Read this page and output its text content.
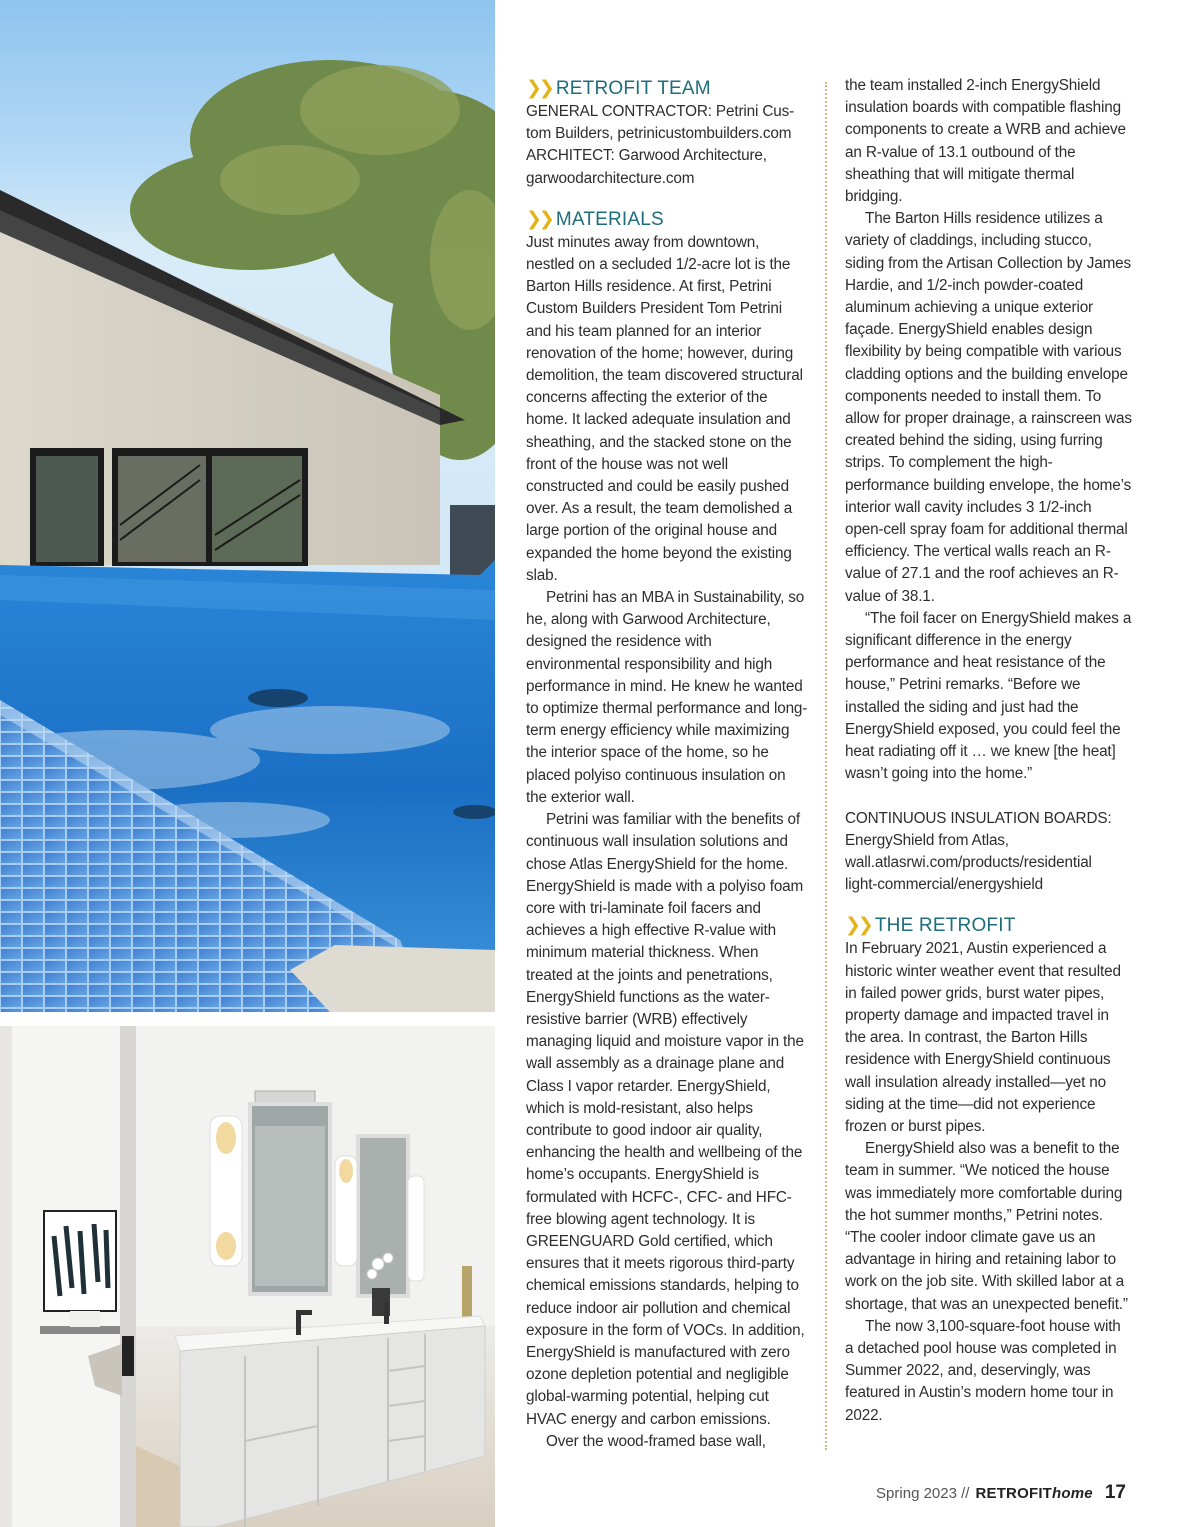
❯❯ RETROFIT TEAM

GENERAL CONTRACTOR: Petrini Cus-

tom Builders, petrinicustombuilders.com

ARCHITECT: Garwood Architecture,

garwoodarchitecture.com

❯❯ MATERIALS

Just minutes away from downtown, nestled on a secluded 1/2-acre lot is the Barton Hills residence. At first, Petrini Custom Builders President Tom Petrini and his team planned for an interior renovation of the home; however, during demolition, the team discovered structural concerns affecting the exterior of the home. It lacked adequate insulation and sheathing, and the stacked stone on the front of the house was not well constructed and could be easily pushed over. As a result, the team demolished a large portion of the original house and expanded the home beyond the existing slab.

Petrini has an MBA in Sustainability, so he, along with Garwood Architecture, designed the residence with environmental responsibility and high performance in mind. He knew he wanted to optimize thermal performance and long-term energy efficiency while maximizing the interior space of the home, so he placed polyiso continuous insulation on the exterior wall.

Petrini was familiar with the benefits of continuous wall insulation solutions and chose Atlas EnergyShield for the home. EnergyShield is made with a polyiso foam core with tri-laminate foil facers and achieves a high effective R-value with minimum material thickness. When treated at the joints and penetrations, EnergyShield functions as the water-resistive barrier (WRB) effectively managing liquid and moisture vapor in the wall assembly as a drainage plane and Class I vapor retarder. EnergyShield, which is mold-resistant, also helps contribute to good indoor air quality, enhancing the health and wellbeing of the home’s occupants. EnergyShield is formulated with HCFC-, CFC- and HFC-free blowing agent technology. It is GREENGUARD Gold certified, which ensures that it meets rigorous third-party chemical emissions standards, helping to reduce indoor air pollution and chemical exposure in the form of VOCs. In addition, EnergyShield is manufactured with zero ozone depletion potential and negligible global-warming potential, helping cut HVAC energy and carbon emissions.

Over the wood-framed base wall,

the team installed 2-inch EnergyShield insulation boards with compatible flashing components to create a WRB and achieve an R-value of 13.1 outbound of the sheathing that will mitigate thermal bridging.

The Barton Hills residence utilizes a variety of claddings, including stucco, siding from the Artisan Collection by James Hardie, and 1/2-inch powder-coated aluminum achieving a unique exterior façade. EnergyShield enables design flexibility by being compatible with various cladding options and the building envelope components needed to install them. To allow for proper drainage, a rainscreen was created behind the siding, using furring strips. To complement the high-performance building envelope, the home’s interior wall cavity includes 3 1/2-inch open-cell spray foam for additional thermal efficiency. The vertical walls reach an R-value of 27.1 and the roof achieves an R-value of 38.1.

“The foil facer on EnergyShield makes a significant difference in the energy performance and heat resistance of the house,” Petrini remarks. “Before we installed the siding and just had the EnergyShield exposed, you could feel the heat radiating off it … we knew [the heat] wasn’t going into the home.”

CONTINUOUS INSULATION BOARDS:

EnergyShield from Atlas,

wall.atlasrwi.com/products/residential

light-commercial/energyshield

❯❯ THE RETROFIT

In February 2021, Austin experienced a historic winter weather event that resulted in failed power grids, burst water pipes, property damage and impacted travel in the area. In contrast, the Barton Hills residence with EnergyShield continuous wall insulation already installed—yet no siding at the time—did not experience frozen or burst pipes.

EnergyShield also was a benefit to the team in summer. “We noticed the house was immediately more comfortable during the hot summer months,” Petrini notes. “The cooler indoor climate gave us an advantage in hiring and retaining labor to work on the job site. With skilled labor at a shortage, that was an unexpected benefit.”

The now 3,100-square-foot house with a detached pool house was completed in Summer 2022, and, deservingly, was featured in Austin’s modern home tour in 2022.

Spring 2023 // RETROFIThome 17
